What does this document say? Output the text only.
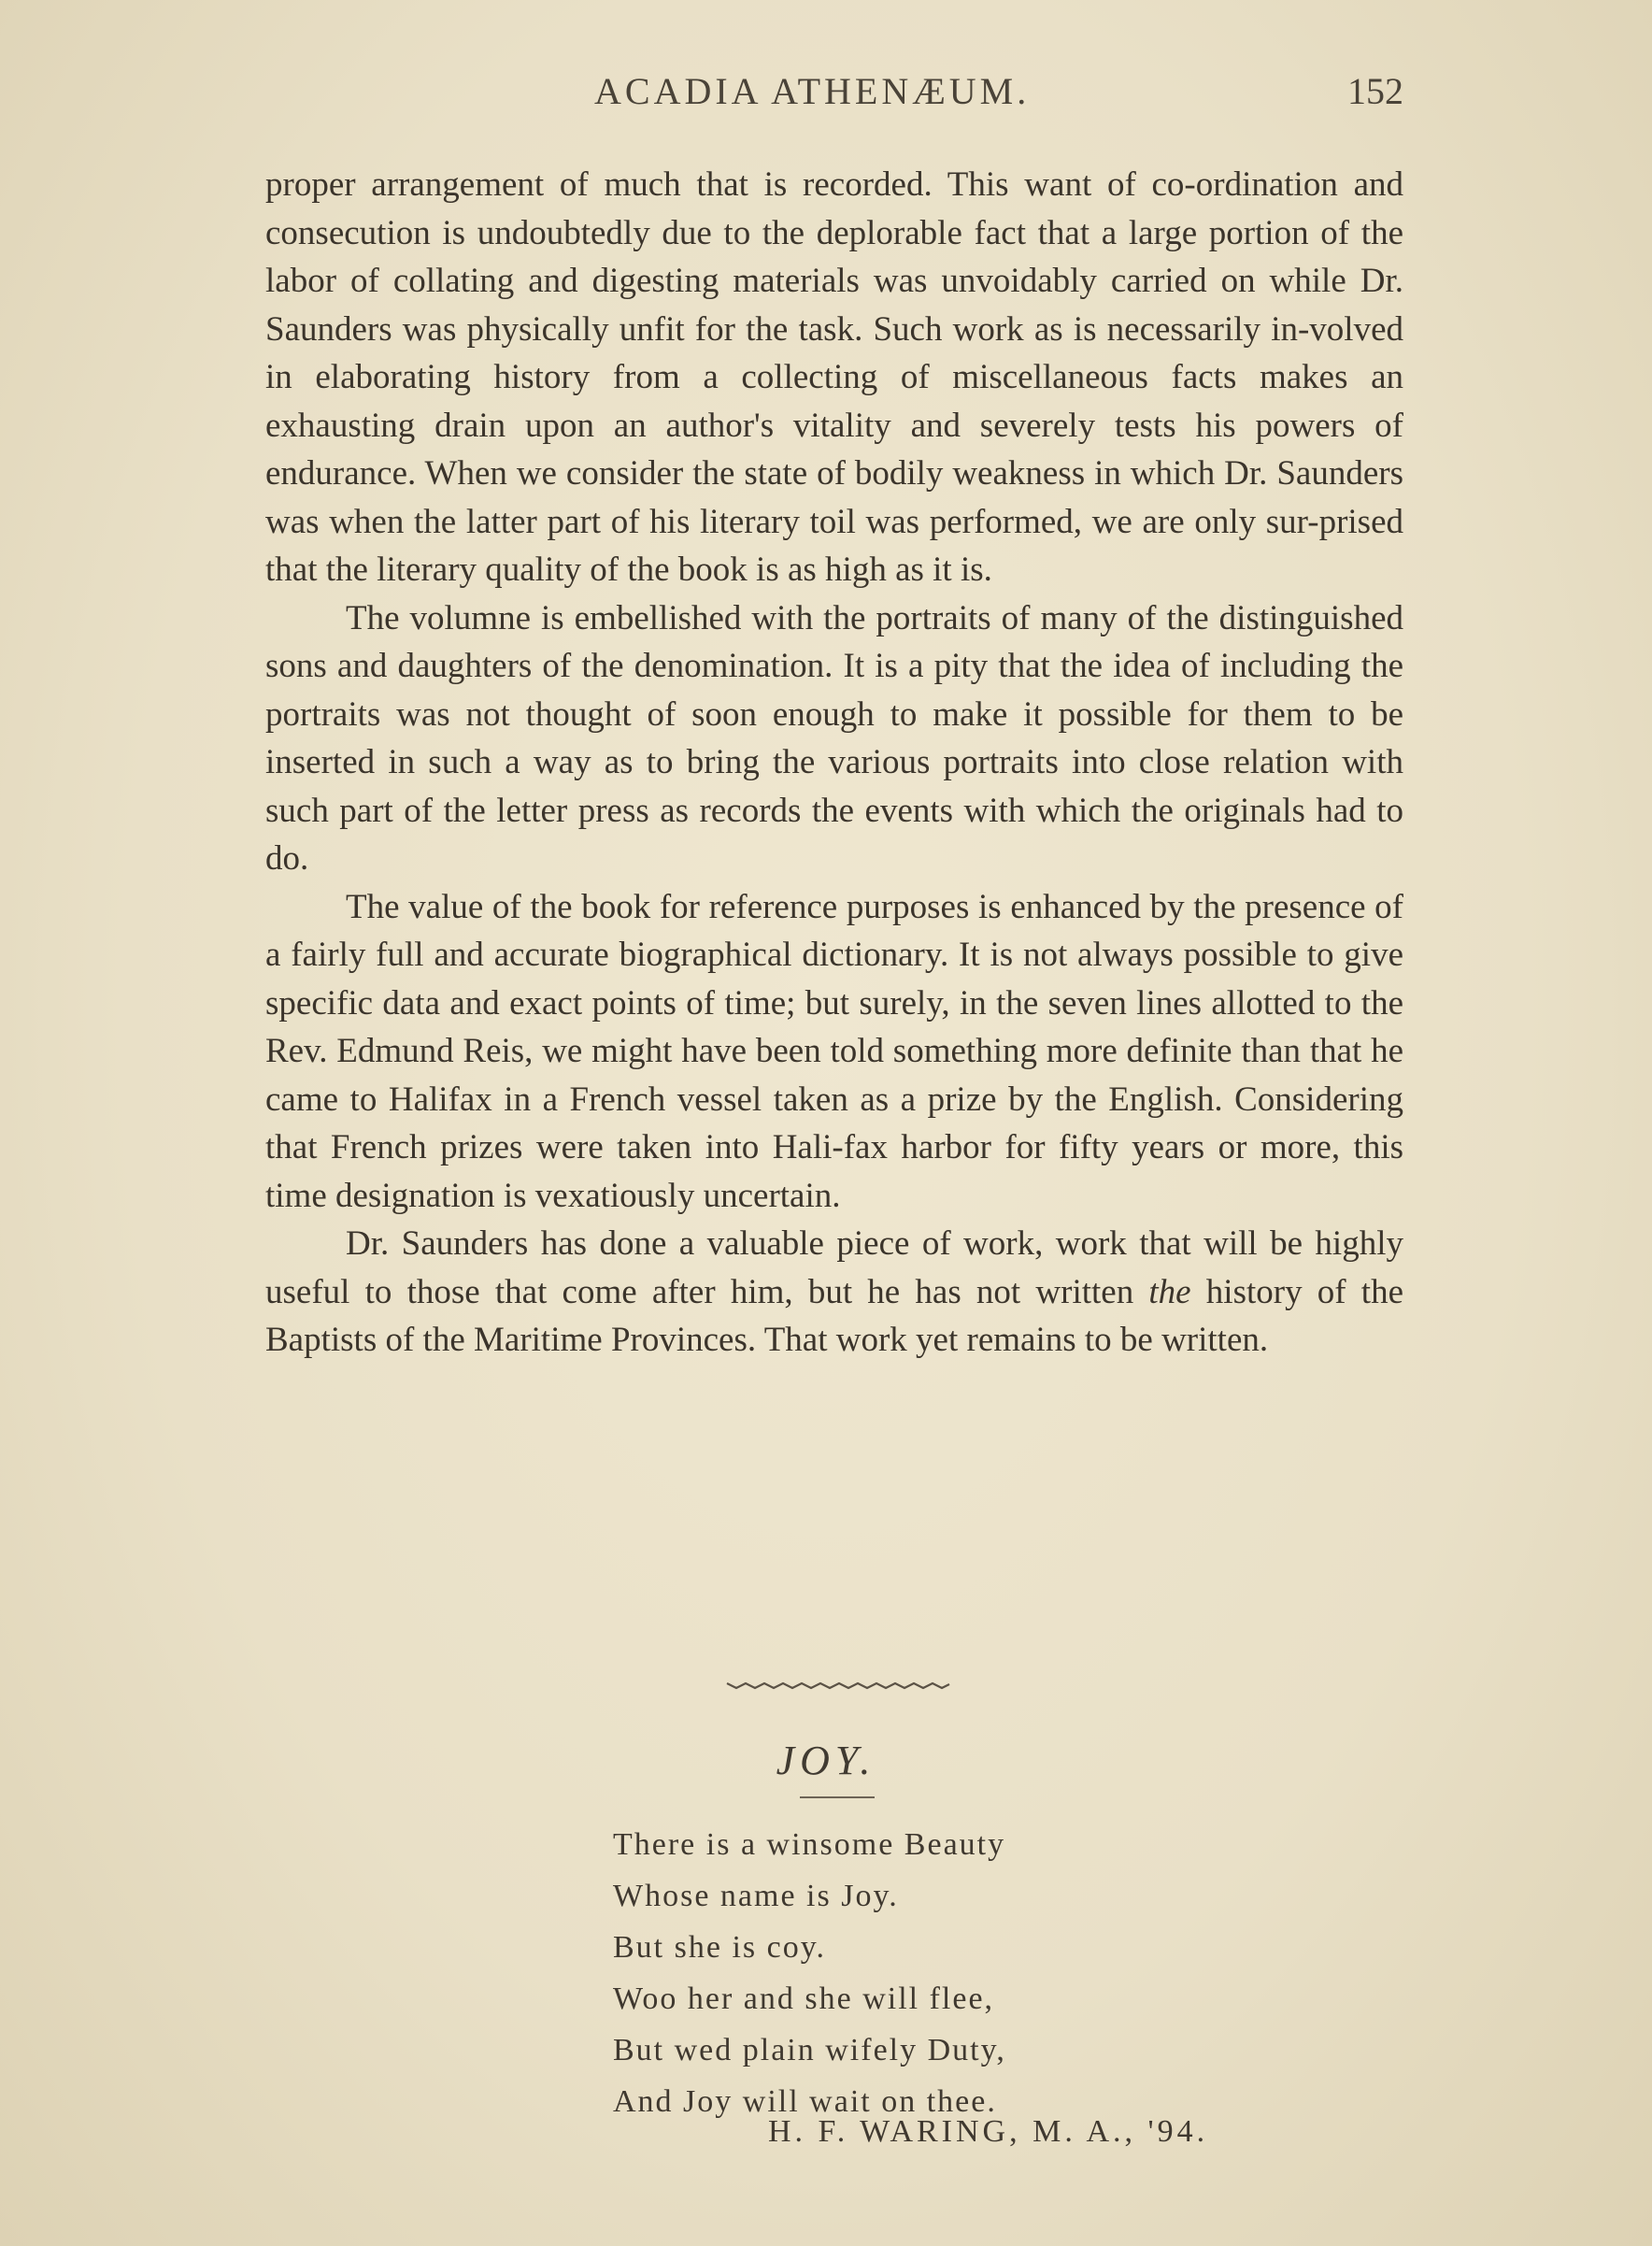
ACADIA ATHENÆUM.	152

proper arrangement of much that is recorded. This want of co-ordination and consecution is undoubtedly due to the deplorable fact that a large portion of the labor of collating and digesting materials was unvoidably carried on while Dr. Saunders was physically unfit for the task. Such work as is necessarily in-volved in elaborating history from a collecting of miscellaneous facts makes an exhausting drain upon an author's vitality and severely tests his powers of endurance. When we consider the state of bodily weakness in which Dr. Saunders was when the latter part of his literary toil was performed, we are only sur-prised that the literary quality of the book is as high as it is.

The volumne is embellished with the portraits of many of the distinguished sons and daughters of the denomination. It is a pity that the idea of including the portraits was not thought of soon enough to make it possible for them to be inserted in such a way as to bring the various portraits into close relation with such part of the letter press as records the events with which the originals had to do.

The value of the book for reference purposes is enhanced by the presence of a fairly full and accurate biographical dictionary. It is not always possible to give specific data and exact points of time; but surely, in the seven lines allotted to the Rev. Edmund Reis, we might have been told something more definite than that he came to Halifax in a French vessel taken as a prize by the English. Considering that French prizes were taken into Hali-fax harbor for fifty years or more, this time designation is vexatiously uncertain.

Dr. Saunders has done a valuable piece of work, work that will be highly useful to those that come after him, but he has not written the history of the Baptists of the Maritime Provinces. That work yet remains to be written.

JOY.
There is a winsome Beauty
Whose name is Joy.
But she is coy.
Woo her and she will flee,
But wed plain wifely Duty,
And Joy will wait on thee.
H. F. WARING, M. A., '94.
